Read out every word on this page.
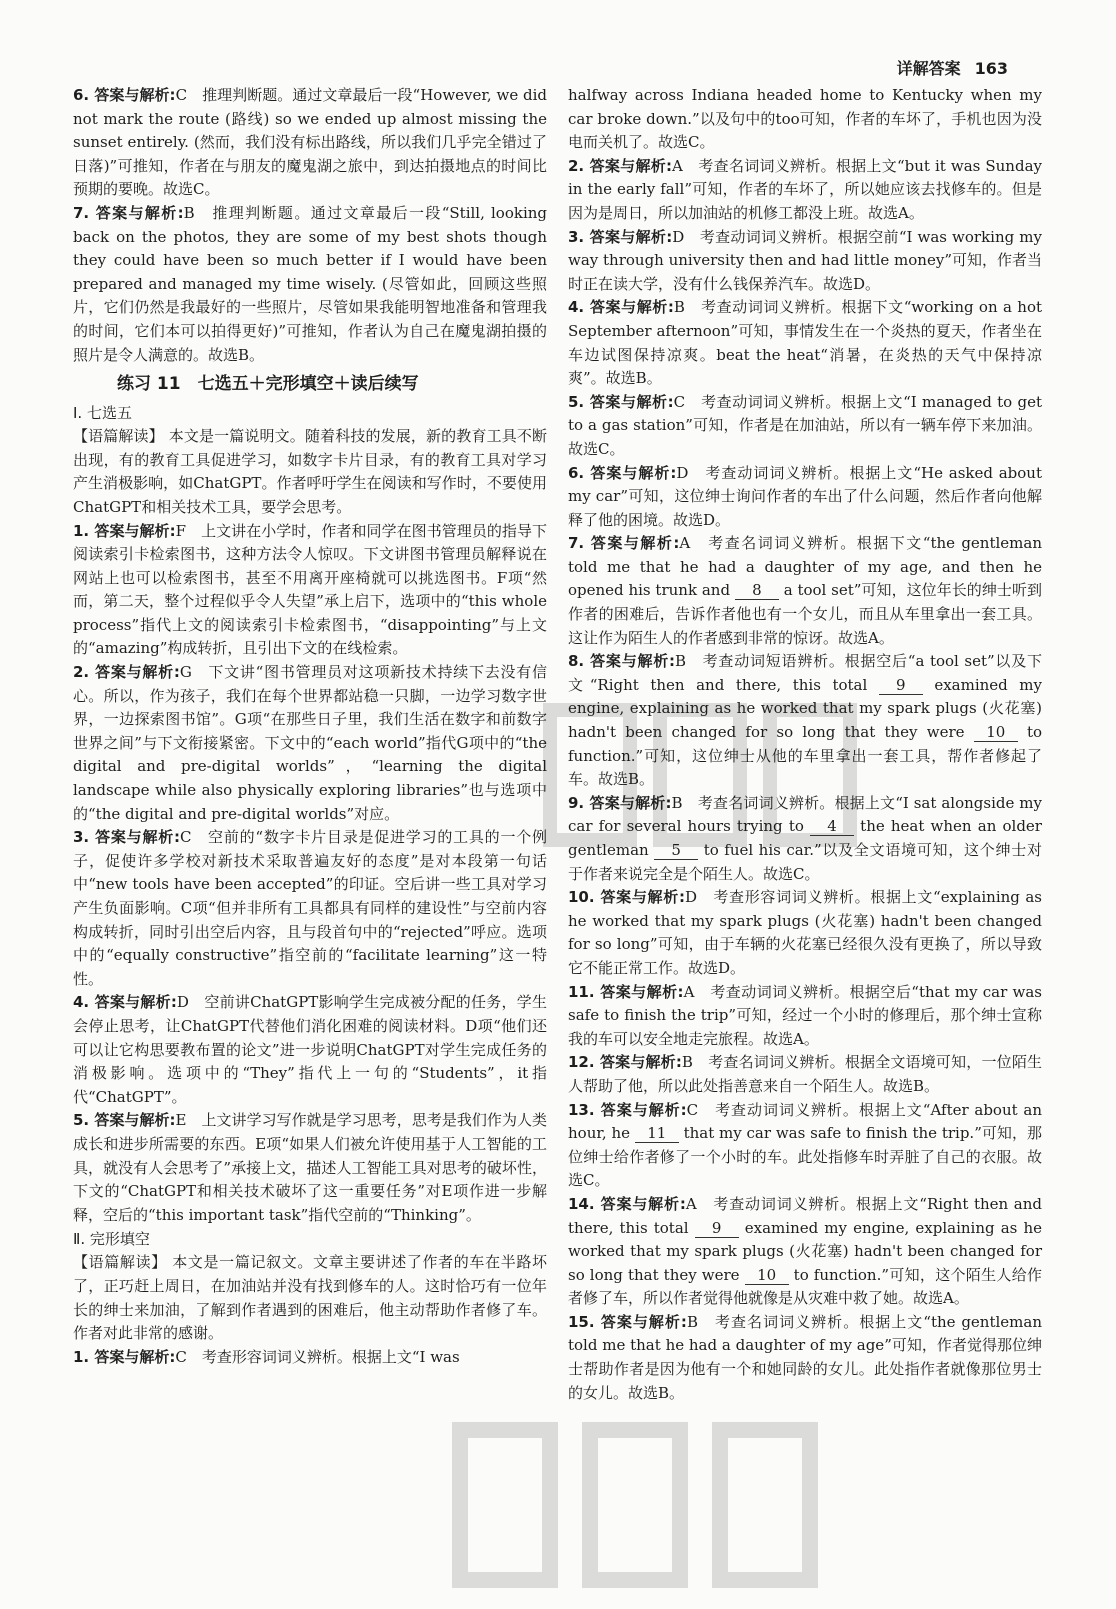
详解答案 163

6. 答案与解析:C　推理判断题。通过文章最后一段“However, we did not mark the route (路线) so we ended up almost missing the sunset entirely. (然而，我们没有标出路线，所以我们几乎完全错过了日落)”可推知，作者在与朋友的魔鬼湖之旅中，到达拍摄地点的时间比预期的要晚。故选C。

7. 答案与解析:B　推理判断题。通过文章最后一段“Still, looking back on the photos, they are some of my best shots though they could have been so much better if I would have been prepared and managed my time wisely. (尽管如此，回顾这些照片，它们仍然是我最好的一些照片，尽管如果我能明智地准备和管理我的时间，它们本可以拍得更好)”可推知，作者认为自己在魔鬼湖拍摄的照片是令人满意的。故选B。

练习 11　七选五＋完形填空＋读后续写

Ⅰ. 七选五

【语篇解读】 本文是一篇说明文。随着科技的发展，新的教育工具不断出现，有的教育工具促进学习，如数字卡片目录，有的教育工具对学习产生消极影响，如ChatGPT。作者呼吁学生在阅读和写作时，不要使用ChatGPT和相关技术工具，要学会思考。

1. 答案与解析:F　上文讲在小学时，作者和同学在图书管理员的指导下阅读索引卡检索图书，这种方法令人惊叹。下文讲图书管理员解释说在网站上也可以检索图书，甚至不用离开座椅就可以挑选图书。F项“然而，第二天，整个过程似乎令人失望”承上启下，选项中的“this whole process”指代上文的阅读索引卡检索图书，“disappointing”与上文的“amazing”构成转折，且引出下文的在线检索。

2. 答案与解析:G　下文讲“图书管理员对这项新技术持续下去没有信心。所以，作为孩子，我们在每个世界都站稳一只脚，一边学习数字世界，一边探索图书馆”。G项“在那些日子里，我们生活在数字和前数字世界之间”与下文衔接紧密。下文中的“each world”指代G项中的“the digital and pre-digital worlds”，“learning the digital landscape while also physically exploring libraries”也与选项中的“the digital and pre-digital worlds”对应。

3. 答案与解析:C　空前的“数字卡片目录是促进学习的工具的一个例子，促使许多学校对新技术采取普遍友好的态度”是对本段第一句话中“new tools have been accepted”的印证。空后讲一些工具对学习产生负面影响。C项“但并非所有工具都具有同样的建设性”与空前内容构成转折，同时引出空后内容，且与段首句中的“rejected”呼应。选项中的“equally constructive”指空前的“facilitate learning”这一特性。

4. 答案与解析:D　空前讲ChatGPT影响学生完成被分配的任务，学生会停止思考，让ChatGPT代替他们消化困难的阅读材料。D项“他们还可以让它构思要教布置的论文”进一步说明ChatGPT对学生完成任务的消极影响。选项中的“They”指代上一句的“Students”，it指代“ChatGPT”。

5. 答案与解析:E　上文讲学习写作就是学习思考，思考是我们作为人类成长和进步所需要的东西。E项“如果人们被允许使用基于人工智能的工具，就没有人会思考了”承接上文，描述人工智能工具对思考的破坏性，下文的“ChatGPT和相关技术破坏了这一重要任务”对E项作进一步解释，空后的“this important task”指代空前的“Thinking”。

Ⅱ. 完形填空

【语篇解读】 本文是一篇记叙文。文章主要讲述了作者的车在半路坏了，正巧赶上周日，在加油站并没有找到修车的人。这时恰巧有一位年长的绅士来加油，了解到作者遇到的困难后，他主动帮助作者修了车。作者对此非常的感谢。

1. 答案与解析:C　考查形容词词义辨析。根据上文“I was

halfway across Indiana headed home to Kentucky when my car broke down.”以及句中的too可知，作者的车坏了，手机也因为没电而关机了。故选C。

2. 答案与解析:A　考查名词词义辨析。根据上文“but it was Sunday in the early fall”可知，作者的车坏了，所以她应该去找修车的。但是因为是周日，所以加油站的机修工都没上班。故选A。

3. 答案与解析:D　考查动词词义辨析。根据空前“I was working my way through university then and had little money”可知，作者当时正在读大学，没有什么钱保养汽车。故选D。

4. 答案与解析:B　考查动词词义辨析。根据下文“working on a hot September afternoon”可知，事情发生在一个炎热的夏天，作者坐在车边试图保持凉爽。beat the heat“消暑，在炎热的天气中保持凉爽”。故选B。

5. 答案与解析:C　考查动词词义辨析。根据上文“I managed to get to a gas station”可知，作者是在加油站，所以有一辆车停下来加油。故选C。

6. 答案与解析:D　考查动词词义辨析。根据上文“He asked about my car”可知，这位绅士询问作者的车出了什么问题，然后作者向他解释了他的困境。故选D。

7. 答案与解析:A　考查名词词义辨析。根据下文“the gentleman told me that he had a daughter of my age, and then he opened his trunk and 8 a tool set”可知，这位年长的绅士听到作者的困难后，告诉作者他也有一个女儿，而且从车里拿出一套工具。这让作为陌生人的作者感到非常的惊讶。故选A。

8. 答案与解析:B　考查动词短语辨析。根据空后“a tool set”以及下文“Right then and there, this total 9 examined my engine, explaining as he worked that my spark plugs (火花塞) hadn't been changed for so long that they were 10 to function.”可知，这位绅士从他的车里拿出一套工具，帮作者修起了车。故选B。

9. 答案与解析:B　考查名词词义辨析。根据上文“I sat alongside my car for several hours trying to 4 the heat when an older gentleman 5 to fuel his car.”以及全文语境可知，这个绅士对于作者来说完全是个陌生人。故选C。

10. 答案与解析:D　考查形容词词义辨析。根据上文“explaining as he worked that my spark plugs (火花塞) hadn't been changed for so long”可知，由于车辆的火花塞已经很久没有更换了，所以导致它不能正常工作。故选D。

11. 答案与解析:A　考查动词词义辨析。根据空后“that my car was safe to finish the trip”可知，经过一个小时的修理后，那个绅士宣称我的车可以安全地走完旅程。故选A。

12. 答案与解析:B　考查名词词义辨析。根据全文语境可知，一位陌生人帮助了他，所以此处指善意来自一个陌生人。故选B。

13. 答案与解析:C　考查动词词义辨析。根据上文“After about an hour, he 11 that my car was safe to finish the trip.”可知，那位绅士给作者修了一个小时的车。此处指修车时弄脏了自己的衣服。故选C。

14. 答案与解析:A　考查动词词义辨析。根据上文“Right then and there, this total 9 examined my engine, explaining as he worked that my spark plugs (火花塞) hadn't been changed for so long that they were 10 to function.”可知，这个陌生人给作者修了车，所以作者觉得他就像是从灾难中救了她。故选A。

15. 答案与解析:B　考查名词词义辨析。根据上文“the gentleman told me that he had a daughter of my age”可知，作者觉得那位绅士帮助作者是因为他有一个和她同龄的女儿。此处指作者就像那位男士的女儿。故选B。
